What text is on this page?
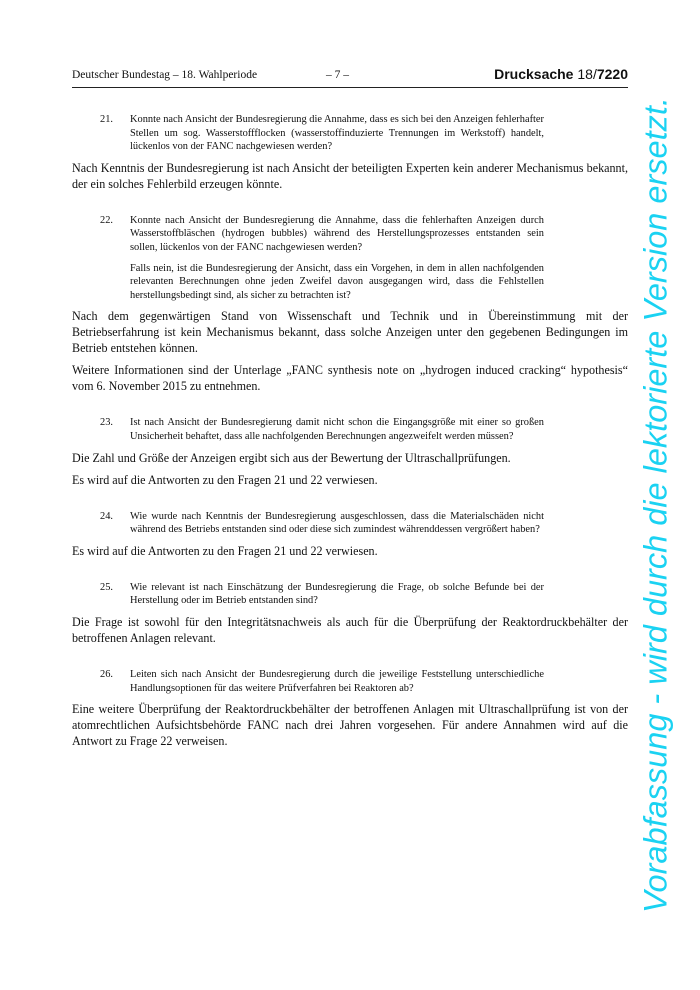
Deutscher Bundestag – 18. Wahlperiode	– 7 –	Drucksache 18/7220
21.	Konnte nach Ansicht der Bundesregierung die Annahme, dass es sich bei den Anzeigen fehlerhafter Stellen um sog. Wasserstoffflocken (wasserstoffinduzierte Trennungen im Werkstoff) handelt, lückenlos von der FANC nachgewiesen werden?

Nach Kenntnis der Bundesregierung ist nach Ansicht der beteiligten Experten kein anderer Mechanismus bekannt, der ein solches Fehlerbild erzeugen könnte.

22.	Konnte nach Ansicht der Bundesregierung die Annahme, dass die fehlerhaften Anzeigen durch Wasserstoffbläschen (hydrogen bubbles) während des Herstellungsprozesses entstanden sein sollen, lückenlos von der FANC nachgewiesen werden?

Falls nein, ist die Bundesregierung der Ansicht, dass ein Vorgehen, in dem in allen nachfolgenden relevanten Berechnungen ohne jeden Zweifel davon ausgegangen wird, dass die Fehlstellen herstellungsbedingt sind, als sicher zu betrachten ist?

Nach dem gegenwärtigen Stand von Wissenschaft und Technik und in Übereinstimmung mit der Betriebserfahrung ist kein Mechanismus bekannt, dass solche Anzeigen unter den gegebenen Bedingungen im Betrieb entstehen können.

Weitere Informationen sind der Unterlage „FANC synthesis note on „hydrogen induced cracking“ hypothesis“ vom 6. November 2015 zu entnehmen.

23.	Ist nach Ansicht der Bundesregierung damit nicht schon die Eingangsgröße mit einer so großen Unsicherheit behaftet, dass alle nachfolgenden Berechnungen angezweifelt werden müssen?

Die Zahl und Größe der Anzeigen ergibt sich aus der Bewertung der Ultraschallprüfungen.

Es wird auf die Antworten zu den Fragen 21 und 22 verwiesen.

24.	Wie wurde nach Kenntnis der Bundesregierung ausgeschlossen, dass die Materialschäden nicht während des Betriebs entstanden sind oder diese sich zumindest währenddessen vergrößert haben?

Es wird auf die Antworten zu den Fragen 21 und 22 verwiesen.

25.	Wie relevant ist nach Einschätzung der Bundesregierung die Frage, ob solche Befunde bei der Herstellung oder im Betrieb entstanden sind?

Die Frage ist sowohl für den Integritätsnachweis als auch für die Überprüfung der Reaktordruckbehälter der betroffenen Anlagen relevant.

26.	Leiten sich nach Ansicht der Bundesregierung durch die jeweilige Feststellung unterschiedliche Handlungsoptionen für das weitere Prüfverfahren bei Reaktoren ab?

Eine weitere Überprüfung der Reaktordruckbehälter der betroffenen Anlagen mit Ultraschallprüfung ist von der atomrechtlichen Aufsichtsbehörde FANC nach drei Jahren vorgesehen. Für andere Annahmen wird auf die Antwort zu Frage 22 verweisen.	Vorabfassung - wird durch die lektorierte Version ersetzt.
